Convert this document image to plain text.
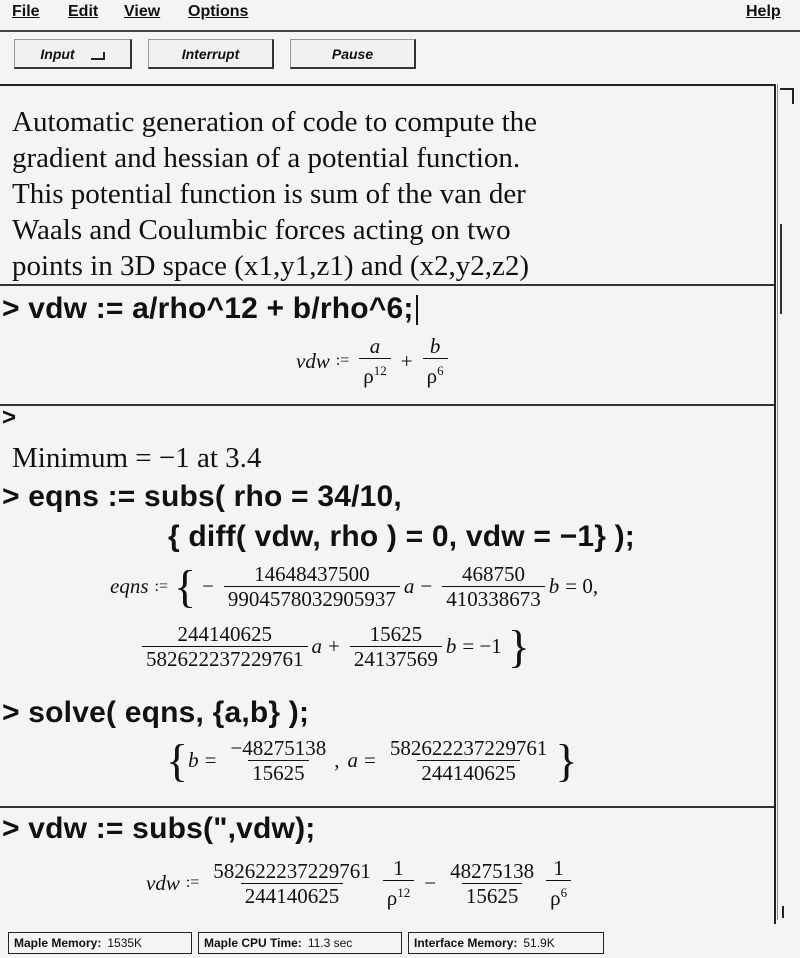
File Edit View Options	Help
Input	Interrupt	Pause
Automatic generation of code to compute the
gradient and hessian of a potential function.
This potential function is sum of the van der
Waals and Coulumbic forces acting on two
points in 3D space (x1,y1,z1) and (x2,y2,z2)
> vdw := a/rho^12 + b/rho^6;
vdw := $\frac{a}{\rho^{12}} + \frac{b}{\rho^6}$
>
Minimum = −1 at 3.4
> eqns := subs( rho = 34/10,
{ diff( vdw, rho ) = 0, vdw = −1} );
eqns := { − $\frac{14648437500}{9904578032905937}$ $a - \frac{468750}{410338673}$ b = 0,
$\frac{244140625}{582622237229761}$ $a + \frac{15625}{24137569}$ b = −1 }
> solve( eqns, {a,b} );
{ $b = \frac{-48275138}{15625}$ , $a = \frac{582622237229761}{244140625}$ }
> vdw := subs(",vdw);
vdw := $\frac{582622237229761}{244140625} \frac{1}{\rho^{12}} - \frac{48275138}{15625} \frac{1}{\rho^6}$
Maple Memory: 1535K	Maple CPU Time: 11.3 sec	Interface Memory: 51.9K
